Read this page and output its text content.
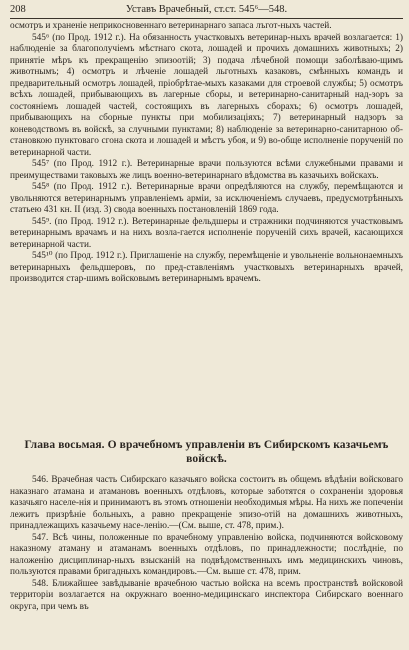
208	Уставъ Врачебный, ст.ст. 545⁶—548.

осмотръ и храненіе неприкосновеннаго ветеринарнаго запаса лъгот-ныхъ частей.

545⁶ (по Прод. 1912 г.). На обязанность участковыхъ ветеринар-ныхъ врачей возлагается: 1) наблюденіе за благополучіемъ мѣстнаго скота, лошадей и прочихъ домашнихъ животныхъ; 2) принятіе мѣръ къ прекращенію эпизоотій; 3) подача лѣчебной помощи заболѣваю-щимъ животнымъ; 4) осмотръ и лѣченіе лошадей льготныхъ казаковъ, смѣнныхъ командъ и предварительный осмотръ лошадей, пріобрѣтае-мыхъ казаками для строевой службы; 5) осмотръ всѣхъ лошадей, прибывающихъ въ лагерные сборы, и ветеринарно-санитарный над-зоръ за состояніемъ лошадей частей, состоящихъ въ лагерныхъ сборахъ; 6) осмотръ лошадей, прибывающихъ на сборные пункты при мобилизаціяхъ; 7) ветеринарный надзоръ за коневодствомъ въ войскѣ, за случными пунктами; 8) наблюденіе за ветеринарно-санитарною об-становкою пунктоваго сгона скота и лошадей и мѣстъ убоя, и 9) во-обще исполненіе порученій по ветеринарной части.

545⁷ (по Прод. 1912 г.). Ветеринарные врачи пользуются всѣми служебными правами и преимуществами таковыхъ же лицъ военно-ветеринарнаго вѣдомства въ казачьихъ войскахъ.

545⁸ (по Прод. 1912 г.). Ветеринарные врачи опредѣляются на службу, перемѣщаются и увольняются ветеринарнымъ управленіемъ арміи, за исключеніемъ случаевъ, предусмотрѣнныхъ статьею 431 кн. II (изд. 3) свода военныхъ постановленій 1869 года.

545⁹. (по Прод. 1912 г.). Ветеринарные фельдшеры и стражники подчиняются участковымъ ветеринарнымъ врачамъ и на нихъ возла-гается исполненіе порученій сихъ врачей, касающихся ветеринарной части.

545¹⁰ (по Прод. 1912 г.). Приглашеніе на службу, перемѣщеніе и увольненіе вольнонаемныхъ ветеринарныхъ фельдшеровъ, по пред-ставленіямъ участковыхъ ветеринарныхъ врачей, производится стар-шимъ войсковымъ ветеринарнымъ врачемъ.

Глава восьмая. О врачебномъ управленіи въ Сибирскомъ казачьемъ войскѣ.

546. Врачебная часть Сибирскаго казачьяго войска состоитъ въ общемъ вѣдѣніи войсковаго наказнаго атамана и атамановъ военныхъ отдѣловъ, которые заботятся о сохраненіи здоровья казачьяго населе-нія и принимаютъ въ этомъ отношеніи необходимыя мѣры. На нихъ же попеченіи лежитъ призрѣніе больныхъ, а равно прекращеніе эпизо-отій на домашнихъ животныхъ, принадлежащихъ казачьему насе-ленію.—(См. выше, ст. 478, прим.).

547. Всѣ чины, положенные по врачебному управленію войска, подчиняются войсковому наказному атаману и атаманамъ военныхъ отдѣловъ, по принадлежности; послѣдніе, по наложенію дисциплинар-ныхъ взысканій на подвѣдомственныхъ имъ медицинскихъ чиновъ, пользуются правами бригадныхъ командировъ.—См. выше ст. 478, прим.

548. Ближайшее завѣдываніе врачебною частью войска на всемъ пространствѣ войсковой территоріи возлагается на окружнаго военно-медицинскаго инспектора Сибирскаго военнаго округа, при чемъ въ
